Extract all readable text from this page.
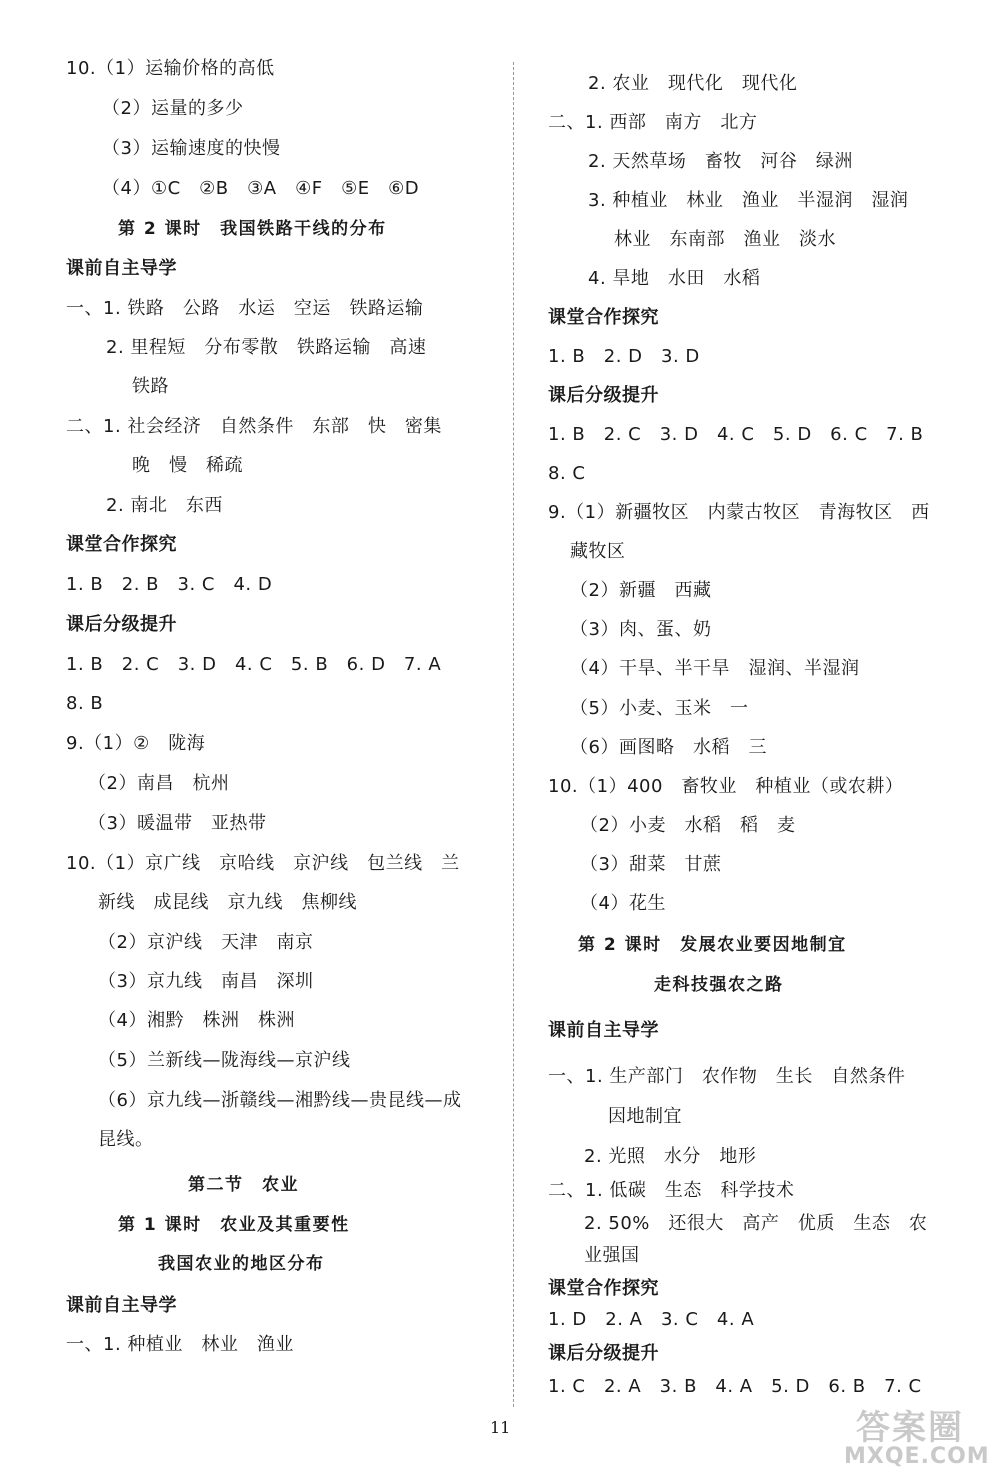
10.（1）运输价格的高低
（2）运量的多少
（3）运输速度的快慢
（4）①C　②B　③A　④F　⑤E　⑥D
第 2 课时　我国铁路干线的分布
课前自主导学
一、1. 铁路　公路　水运　空运　铁路运输
2. 里程短　分布零散　铁路运输　高速
铁路
二、1. 社会经济　自然条件　东部　快　密集
晚　慢　稀疏
2. 南北　东西
课堂合作探究
1. B　2. B　3. C　4. D
课后分级提升
1. B　2. C　3. D　4. C　5. B　6. D　7. A
8. B
9.（1）②　陇海
（2）南昌　杭州
（3）暖温带　亚热带
10.（1）京广线　京哈线　京沪线　包兰线　兰
新线　成昆线　京九线　焦柳线
（2）京沪线　天津　南京
（3）京九线　南昌　深圳
（4）湘黔　株洲　株洲
（5）兰新线—陇海线—京沪线
（6）京九线—浙赣线—湘黔线—贵昆线—成
昆线。
第二节　农业
第 1 课时　农业及其重要性
我国农业的地区分布
课前自主导学
一、1. 种植业　林业　渔业
2. 农业　现代化　现代化
二、1. 西部　南方　北方
2. 天然草场　畜牧　河谷　绿洲
3. 种植业　林业　渔业　半湿润　湿润
林业　东南部　渔业　淡水
4. 旱地　水田　水稻
课堂合作探究
1. B　2. D　3. D
课后分级提升
1. B　2. C　3. D　4. C　5. D　6. C　7. B
8. C
9.（1）新疆牧区　内蒙古牧区　青海牧区　西
藏牧区
（2）新疆　西藏
（3）肉、蛋、奶
（4）干旱、半干旱　湿润、半湿润
（5）小麦、玉米　一
（6）画图略　水稻　三
10.（1）400　畜牧业　种植业（或农耕）
（2）小麦　水稻　稻　麦
（3）甜菜　甘蔗
（4）花生
第 2 课时　发展农业要因地制宜
走科技强农之路
课前自主导学
一、1. 生产部门　农作物　生长　自然条件
因地制宜
2. 光照　水分　地形
二、1. 低碳　生态　科学技术
2. 50%　还很大　高产　优质　生态　农
业强国
课堂合作探究
1. D　2. A　3. C　4. A
课后分级提升
1. C　2. A　3. B　4. A　5. D　6. B　7. C
11	答案圈
MXQE.COM
